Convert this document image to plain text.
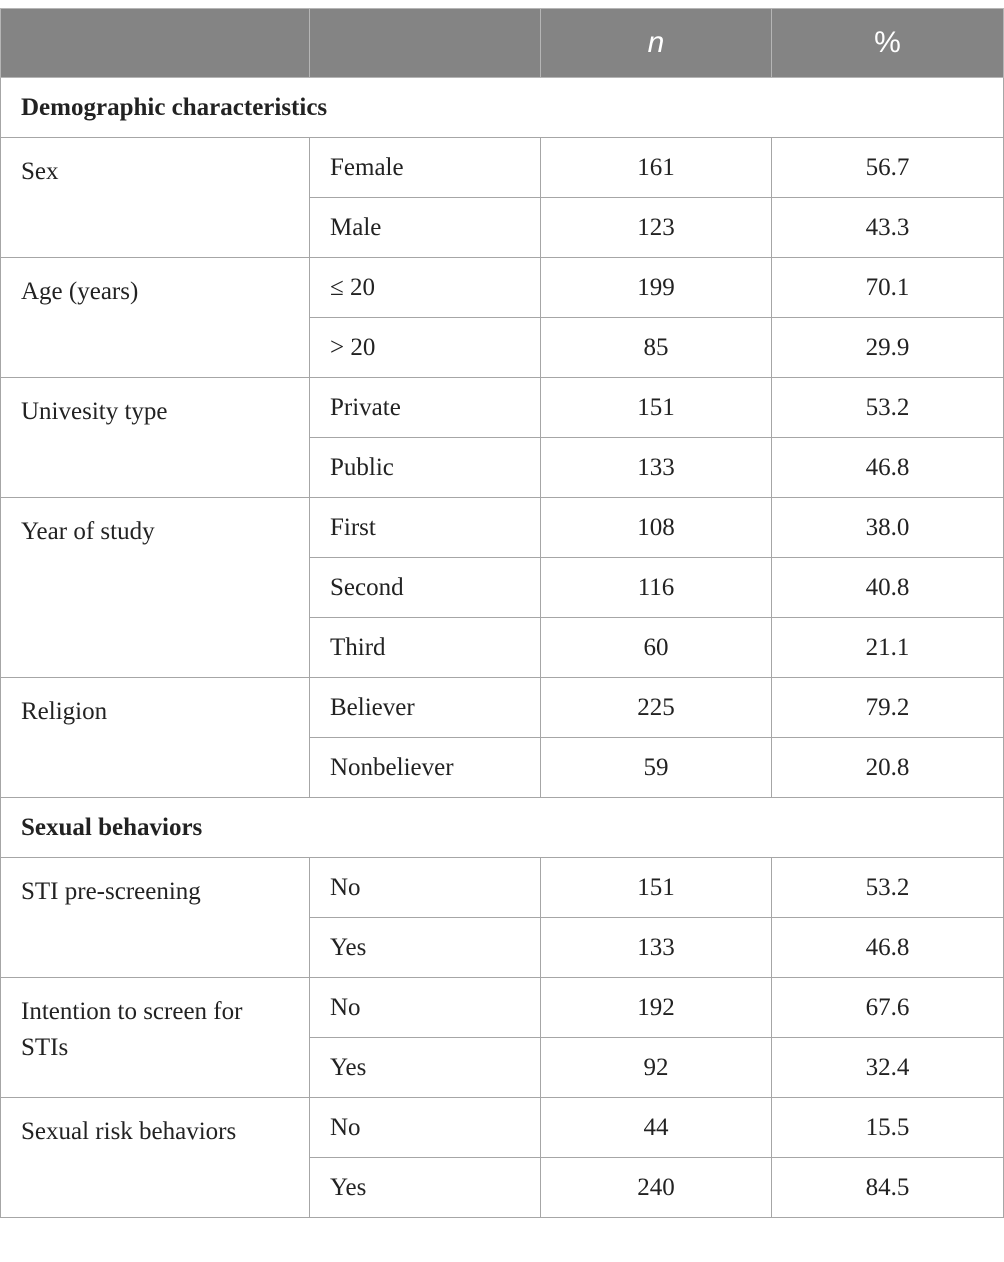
		n	%
Demographic characteristics			
Sex	Female	161	56.7
	Male	123	43.3
Age (years)	≤ 20	199	70.1
	> 20	85	29.9
Univesity type	Private	151	53.2
	Public	133	46.8
Year of study	First	108	38.0
	Second	116	40.8
	Third	60	21.1
Religion	Believer	225	79.2
	Nonbeliever	59	20.8
Sexual behaviors			
STI pre-screening	No	151	53.2
	Yes	133	46.8
Intention to screen for STIs	No	192	67.6
	Yes	92	32.4
Sexual risk behaviors	No	44	15.5
	Yes	240	84.5
